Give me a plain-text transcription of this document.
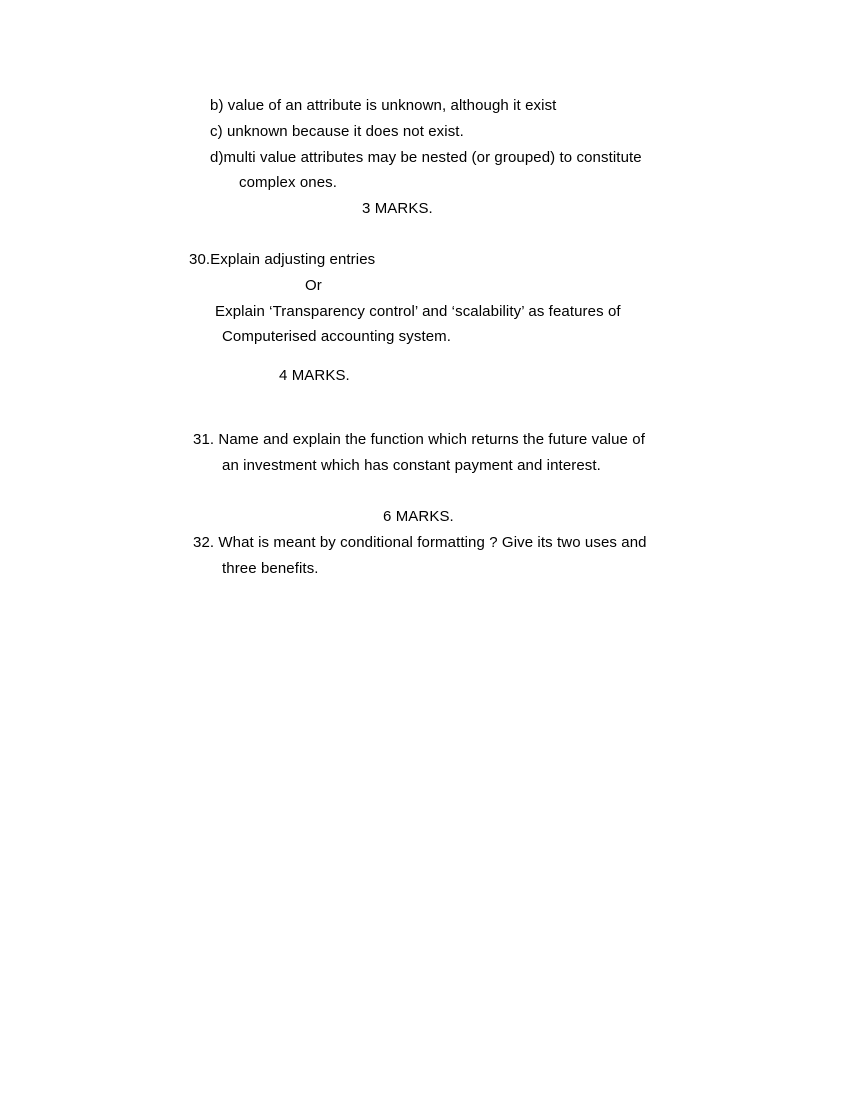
b) value of an attribute is unknown, although it exist
c) unknown because it does not exist.
d)multi value attributes may be nested (or grouped) to constitute
complex ones.
3 MARKS.
30.Explain adjusting entries
Or
Explain ‘Transparency control’ and ‘scalability’ as features of
Computerised accounting system.
4 MARKS.
31. Name and explain the function which returns the future value of
an investment which has constant payment and interest.
6 MARKS.
32. What is meant by conditional formatting ? Give its two uses and
three benefits.
